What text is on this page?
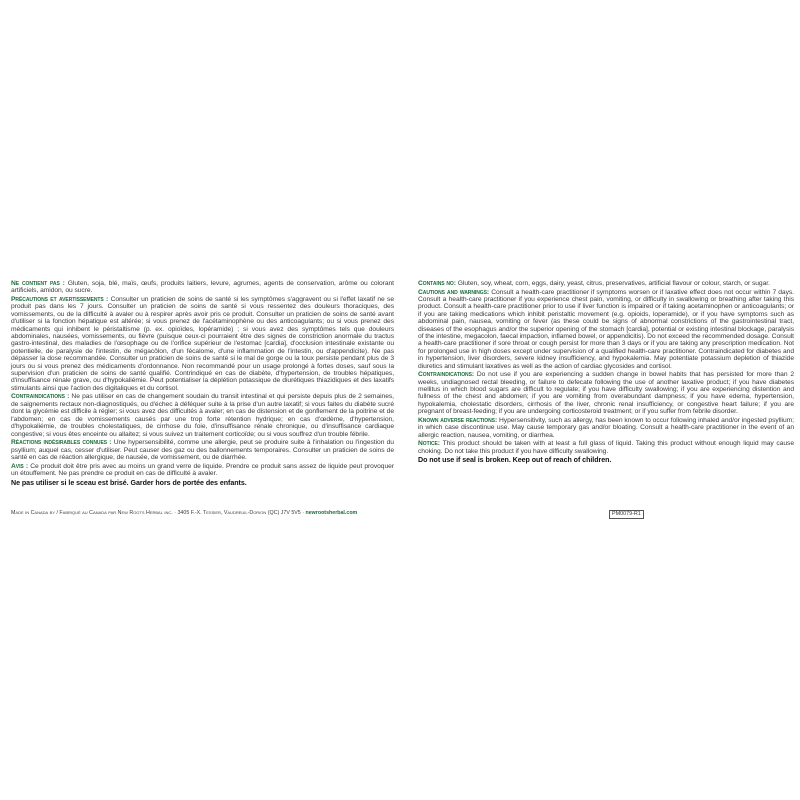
Ne contient pas : Gluten, soja, blé, maïs, œufs, produits laitiers, levure, agrumes, agents de conservation, arôme ou colorant artificiels, amidon, ou sucre.

Précautions et avertissements : Consulter un praticien de soins de santé si les symptômes s'aggravent ou si l'effet laxatif ne se produit pas dans les 7 jours. Consulter un praticien de soins de santé si vous ressentez des douleurs thoraciques, des vomissements, ou de la difficulté à avaler ou à respirer après avoir pris ce produit. Consulter un praticien de soins de santé avant d'utiliser si la fonction hépatique est altérée; si vous prenez de l'acétaminophène ou des anticoagulants; ou si vous prenez des médicaments qui inhibent le péristaltisme (p. ex. opioïdes, lopéramide) ; si vous avez des symptômes tels que douleurs abdominales, nausées, vomissements, ou fièvre (puisque ceux-ci pourraient être des signes de constriction anormale du tractus gastro-intestinal, des maladies de l'œsophage ou de l'orifice supérieur de l'estomac [cardia], d'occlusion intestinale existante ou potentielle, de paralysie de l'intestin, de mégacôlon, d'un fécalome, d'une inflammation de l'intestin, ou d'appendicite). Ne pas dépasser la dose recommandée. Consulter un praticien de soins de santé si le mal de gorge ou la toux persiste pendant plus de 3 jours ou si vous prenez des médicaments d'ordonnance. Non recommandé pour un usage prolongé à fortes doses, sauf sous la supervision d'un praticien de soins de santé qualifié. Contrindiqué en cas de diabète, d'hypertension, de troubles hépatiques, d'insuffisance rénale grave, ou d'hypokaliémie. Peut potentialiser la déplétion potassique de diurétiques thiazidiques et des laxatifs stimulants ainsi que l'action des digitaliques et du cortisol.

Contraindications : Ne pas utiliser en cas de changement soudain du transit intestinal et qui persiste depuis plus de 2 semaines, de saignements rectaux non-diagnostiqués, ou d'échec à déféquer suite à la prise d'un autre laxatif; si vous faites du diabète sucré dont la glycémie est difficile à régler; si vous avez des difficultés à avaler; en cas de distension et de gonflement de la poitrine et de l'abdomen; en cas de vomissements causés par une trop forte rétention hydrique; en cas d'œdème, d'hypertension, d'hypokaliémie, de troubles cholestatiques, de cirrhose du foie, d'insuffisance rénale chronique, ou d'insuffisance cardiaque congestive; si vous êtes enceinte ou allaitez; si vous suivez un traitement corticoïde; ou si vous souffrez d'un trouble fébrile.

Réactions indésirables connues : Une hypersensibilité, comme une allergie, peut se produire suite à l'inhalation ou l'ingestion du psyllium; auquel cas, cesser d'utiliser. Peut causer des gaz ou des ballonnements temporaires. Consulter un praticien de soins de santé en cas de réaction allergique, de nausée, de vomissement, ou de diarrhée.

Avis : Ce produit doit être pris avec au moins un grand verre de liquide. Prendre ce produit sans assez de liquide peut provoquer un étouffement. Ne pas prendre ce produit en cas de difficulté à avaler.

Ne pas utiliser si le sceau est brisé. Garder hors de portée des enfants.

Contains no: Gluten, soy, wheat, corn, eggs, dairy, yeast, citrus, preservatives, artificial flavour or colour, starch, or sugar.

Cautions and warnings: Consult a health-care practitioner if symptoms worsen or if laxative effect does not occur within 7 days. Consult a health-care practitioner if you experience chest pain, vomiting, or difficulty in swallowing or breathing after taking this product. Consult a health-care practitioner prior to use if liver function is impaired or if taking acetaminophen or anticoagulants; or if you are taking medications which inhibit peristaltic movement (e.g. opioids, loperamide), or if you have symptoms such as abdominal pain, nausea, vomiting or fever (as these could be signs of abnormal constrictions of the gastrointestinal tract, diseases of the esophagus and/or the superior opening of the stomach [cardia], potential or existing intestinal blockage, paralysis of the intestine, megacolon, faecal impaction, inflamed bowel, or appendicitis). Do not exceed the recommended dosage. Consult a health-care practitioner if sore throat or cough persist for more than 3 days or if you are taking any prescription medication. Not for prolonged use in high doses except under supervision of a qualified health-care practitioner. Contraindicated for diabetes and in hypertension, liver disorders, severe kidney insufficiency, and hypokalemia. May potentiate potassium depletion of thiazide diuretics and stimulant laxatives as well as the action of cardiac glycosides and cortisol.

Contraindications: Do not use if you are experiencing a sudden change in bowel habits that has persisted for more than 2 weeks, undiagnosed rectal bleeding, or failure to defecate following the use of another laxative product; if you have diabetes mellitus in which blood sugars are difficult to regulate; if you have difficulty swallowing; if you are experiencing distention and fullness of the chest and abdomen; if you are vomiting from overabundant dampness; if you have edema, hypertension, hypokalemia, cholestatic disorders, cirrhosis of the liver, chronic renal insufficiency, or congestive heart failure; if you are pregnant of breast-feeding; if you are undergoing corticosteroid treatment; or if you suffer from febrile disorder.

Known adverse reactions: Hypersensitivity, such as allergy, has been known to occur following inhaled and/or ingested psyllium; in which case discontinue use. May cause temporary gas and/or bloating. Consult a health-care practitioner in the event of an allergic reaction, nausea, vomiting, or diarrhea.

Notice: This product should be taken with at least a full glass of liquid. Taking this product without enough liquid may cause choking. Do not take this product if you have difficulty swallowing.

Do not use if seal is broken. Keep out of reach of children.

Made in Canada by / Fabriqué au Canada par New Roots Herbal inc. · 3405 F.-X. Tessier, Vaudreuil-Dorion (QC) J7V 5V5 · newrootsherbal.com	PM0079-R1
